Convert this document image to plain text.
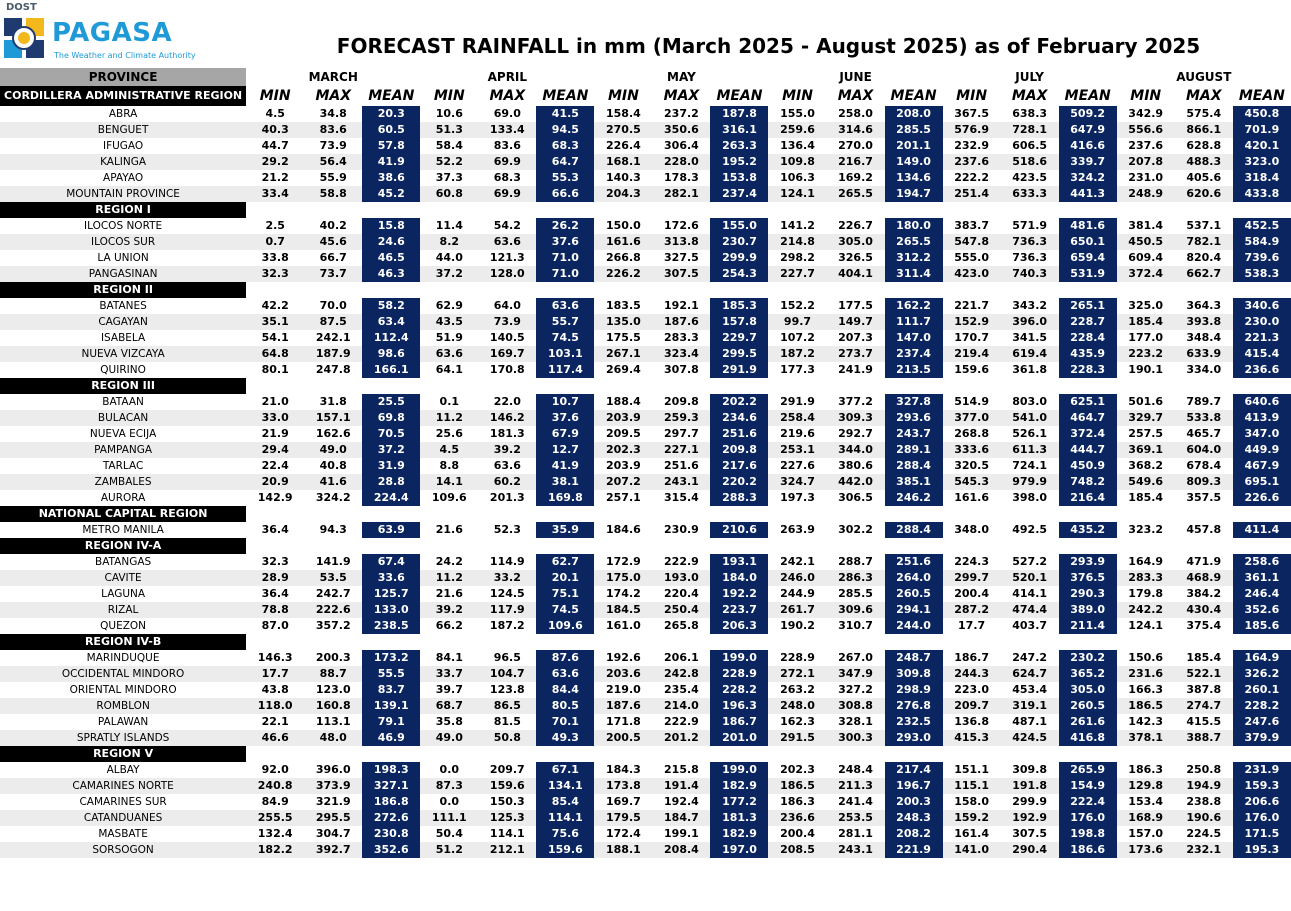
DOST
PAGASA
The Weather and Climate Authority	FORECAST RAINFALL in mm (March 2025 - August 2025) as of February 2025
PROVINCE	MARCH			APRIL			MAY			JUNE			JULY			AUGUST		
CORDILLERA ADMINISTRATIVE REGION	MIN	MAX	MEAN	MIN	MAX	MEAN	MIN	MAX	MEAN	MIN	MAX	MEAN	MIN	MAX	MEAN	MIN	MAX	MEAN
ABRA	4.5	34.8	20.3	10.6	69.0	41.5	158.4	237.2	187.8	155.0	258.0	208.0	367.5	638.3	509.2	342.9	575.4	450.8
BENGUET	40.3	83.6	60.5	51.3	133.4	94.5	270.5	350.6	316.1	259.6	314.6	285.5	576.9	728.1	647.9	556.6	866.1	701.9
IFUGAO	44.7	73.9	57.8	58.4	83.6	68.3	226.4	306.4	263.3	136.4	270.0	201.1	232.9	606.5	416.6	237.6	628.8	420.1
KALINGA	29.2	56.4	41.9	52.2	69.9	64.7	168.1	228.0	195.2	109.8	216.7	149.0	237.6	518.6	339.7	207.8	488.3	323.0
APAYAO	21.2	55.9	38.6	37.3	68.3	55.3	140.3	178.3	153.8	106.3	169.2	134.6	222.2	423.5	324.2	231.0	405.6	318.4
MOUNTAIN PROVINCE	33.4	58.8	45.2	60.8	69.9	66.6	204.3	282.1	237.4	124.1	265.5	194.7	251.4	633.3	441.3	248.9	620.6	433.8
REGION I																		
ILOCOS NORTE	2.5	40.2	15.8	11.4	54.2	26.2	150.0	172.6	155.0	141.2	226.7	180.0	383.7	571.9	481.6	381.4	537.1	452.5
ILOCOS SUR	0.7	45.6	24.6	8.2	63.6	37.6	161.6	313.8	230.7	214.8	305.0	265.5	547.8	736.3	650.1	450.5	782.1	584.9
LA UNION	33.8	66.7	46.5	44.0	121.3	71.0	266.8	327.5	299.9	298.2	326.5	312.2	555.0	736.3	659.4	609.4	820.4	739.6
PANGASINAN	32.3	73.7	46.3	37.2	128.0	71.0	226.2	307.5	254.3	227.7	404.1	311.4	423.0	740.3	531.9	372.4	662.7	538.3
REGION II																		
BATANES	42.2	70.0	58.2	62.9	64.0	63.6	183.5	192.1	185.3	152.2	177.5	162.2	221.7	343.2	265.1	325.0	364.3	340.6
CAGAYAN	35.1	87.5	63.4	43.5	73.9	55.7	135.0	187.6	157.8	99.7	149.7	111.7	152.9	396.0	228.7	185.4	393.8	230.0
ISABELA	54.1	242.1	112.4	51.9	140.5	74.5	175.5	283.3	229.7	107.2	207.3	147.0	170.7	341.5	228.4	177.0	348.4	221.3
NUEVA VIZCAYA	64.8	187.9	98.6	63.6	169.7	103.1	267.1	323.4	299.5	187.2	273.7	237.4	219.4	619.4	435.9	223.2	633.9	415.4
QUIRINO	80.1	247.8	166.1	64.1	170.8	117.4	269.4	307.8	291.9	177.3	241.9	213.5	159.6	361.8	228.3	190.1	334.0	236.6
REGION III																		
BATAAN	21.0	31.8	25.5	0.1	22.0	10.7	188.4	209.8	202.2	291.9	377.2	327.8	514.9	803.0	625.1	501.6	789.7	640.6
BULACAN	33.0	157.1	69.8	11.2	146.2	37.6	203.9	259.3	234.6	258.4	309.3	293.6	377.0	541.0	464.7	329.7	533.8	413.9
NUEVA ECIJA	21.9	162.6	70.5	25.6	181.3	67.9	209.5	297.7	251.6	219.6	292.7	243.7	268.8	526.1	372.4	257.5	465.7	347.0
PAMPANGA	29.4	49.0	37.2	4.5	39.2	12.7	202.3	227.1	209.8	253.1	344.0	289.1	333.6	611.3	444.7	369.1	604.0	449.9
TARLAC	22.4	40.8	31.9	8.8	63.6	41.9	203.9	251.6	217.6	227.6	380.6	288.4	320.5	724.1	450.9	368.2	678.4	467.9
ZAMBALES	20.9	41.6	28.8	14.1	60.2	38.1	207.2	243.1	220.2	324.7	442.0	385.1	545.3	979.9	748.2	549.6	809.3	695.1
AURORA	142.9	324.2	224.4	109.6	201.3	169.8	257.1	315.4	288.3	197.3	306.5	246.2	161.6	398.0	216.4	185.4	357.5	226.6
NATIONAL CAPITAL REGION																		
METRO MANILA	36.4	94.3	63.9	21.6	52.3	35.9	184.6	230.9	210.6	263.9	302.2	288.4	348.0	492.5	435.2	323.2	457.8	411.4
REGION IV-A																		
BATANGAS	32.3	141.9	67.4	24.2	114.9	62.7	172.9	222.9	193.1	242.1	288.7	251.6	224.3	527.2	293.9	164.9	471.9	258.6
CAVITE	28.9	53.5	33.6	11.2	33.2	20.1	175.0	193.0	184.0	246.0	286.3	264.0	299.7	520.1	376.5	283.3	468.9	361.1
LAGUNA	36.4	242.7	125.7	21.6	124.5	75.1	174.2	220.4	192.2	244.9	285.5	260.5	200.4	414.1	290.3	179.8	384.2	246.4
RIZAL	78.8	222.6	133.0	39.2	117.9	74.5	184.5	250.4	223.7	261.7	309.6	294.1	287.2	474.4	389.0	242.2	430.4	352.6
QUEZON	87.0	357.2	238.5	66.2	187.2	109.6	161.0	265.8	206.3	190.2	310.7	244.0	17.7	403.7	211.4	124.1	375.4	185.6
REGION IV-B																		
MARINDUQUE	146.3	200.3	173.2	84.1	96.5	87.6	192.6	206.1	199.0	228.9	267.0	248.7	186.7	247.2	230.2	150.6	185.4	164.9
OCCIDENTAL MINDORO	17.7	88.7	55.5	33.7	104.7	63.6	203.6	242.8	228.9	272.1	347.9	309.8	244.3	624.7	365.2	231.6	522.1	326.2
ORIENTAL MINDORO	43.8	123.0	83.7	39.7	123.8	84.4	219.0	235.4	228.2	263.2	327.2	298.9	223.0	453.4	305.0	166.3	387.8	260.1
ROMBLON	118.0	160.8	139.1	68.7	86.5	80.5	187.6	214.0	196.3	248.0	308.8	276.8	209.7	319.1	260.5	186.5	274.7	228.2
PALAWAN	22.1	113.1	79.1	35.8	81.5	70.1	171.8	222.9	186.7	162.3	328.1	232.5	136.8	487.1	261.6	142.3	415.5	247.6
SPRATLY ISLANDS	46.6	48.0	46.9	49.0	50.8	49.3	200.5	201.2	201.0	291.5	300.3	293.0	415.3	424.5	416.8	378.1	388.7	379.9
REGION V																		
ALBAY	92.0	396.0	198.3	0.0	209.7	67.1	184.3	215.8	199.0	202.3	248.4	217.4	151.1	309.8	265.9	186.3	250.8	231.9
CAMARINES NORTE	240.8	373.9	327.1	87.3	159.6	134.1	173.8	191.4	182.9	186.5	211.3	196.7	115.1	191.8	154.9	129.8	194.9	159.3
CAMARINES SUR	84.9	321.9	186.8	0.0	150.3	85.4	169.7	192.4	177.2	186.3	241.4	200.3	158.0	299.9	222.4	153.4	238.8	206.6
CATANDUANES	255.5	295.5	272.6	111.1	125.3	114.1	179.5	184.7	181.3	236.6	253.5	248.3	159.2	192.9	176.0	168.9	190.6	176.0
MASBATE	132.4	304.7	230.8	50.4	114.1	75.6	172.4	199.1	182.9	200.4	281.1	208.2	161.4	307.5	198.8	157.0	224.5	171.5
SORSOGON	182.2	392.7	352.6	51.2	212.1	159.6	188.1	208.4	197.0	208.5	243.1	221.9	141.0	290.4	186.6	173.6	232.1	195.3
